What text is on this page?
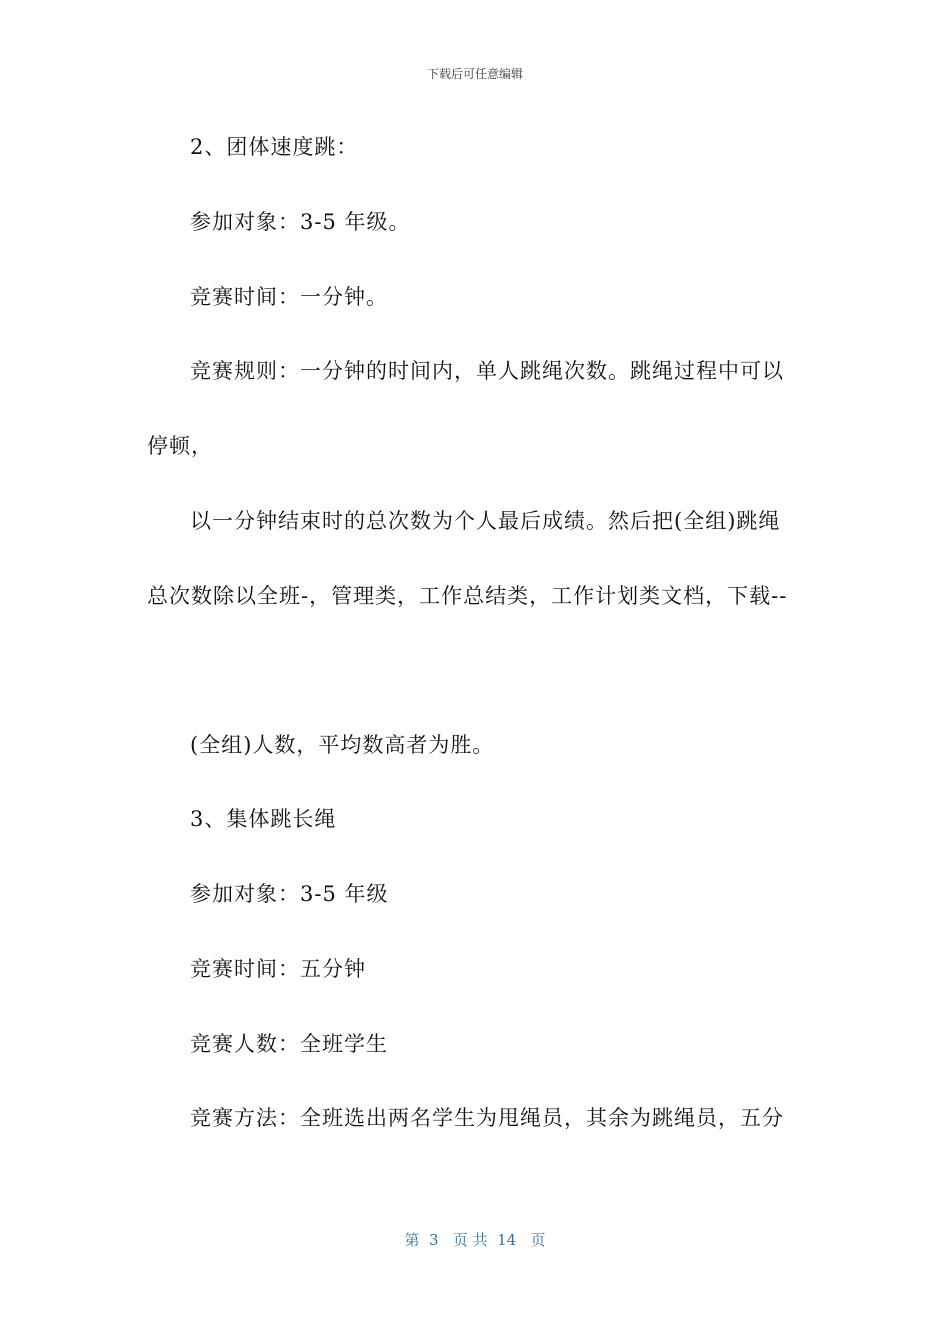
下载后可任意编辑
2、团体速度跳：
参加对象：3-5 年级。
竞赛时间：一分钟。
竞赛规则：一分钟的时间内，单人跳绳次数。跳绳过程中可以
停顿，
以一分钟结束时的总次数为个人最后成绩。然后把(全组)跳绳
总次数除以全班-，管理类，工作总结类，工作计划类文档，下载--
(全组)人数，平均数高者为胜。
3、集体跳长绳
参加对象：3-5 年级
竞赛时间：五分钟
竞赛人数：全班学生
竞赛方法：全班选出两名学生为甩绳员，其余为跳绳员，五分
第  3   页 共  14   页
